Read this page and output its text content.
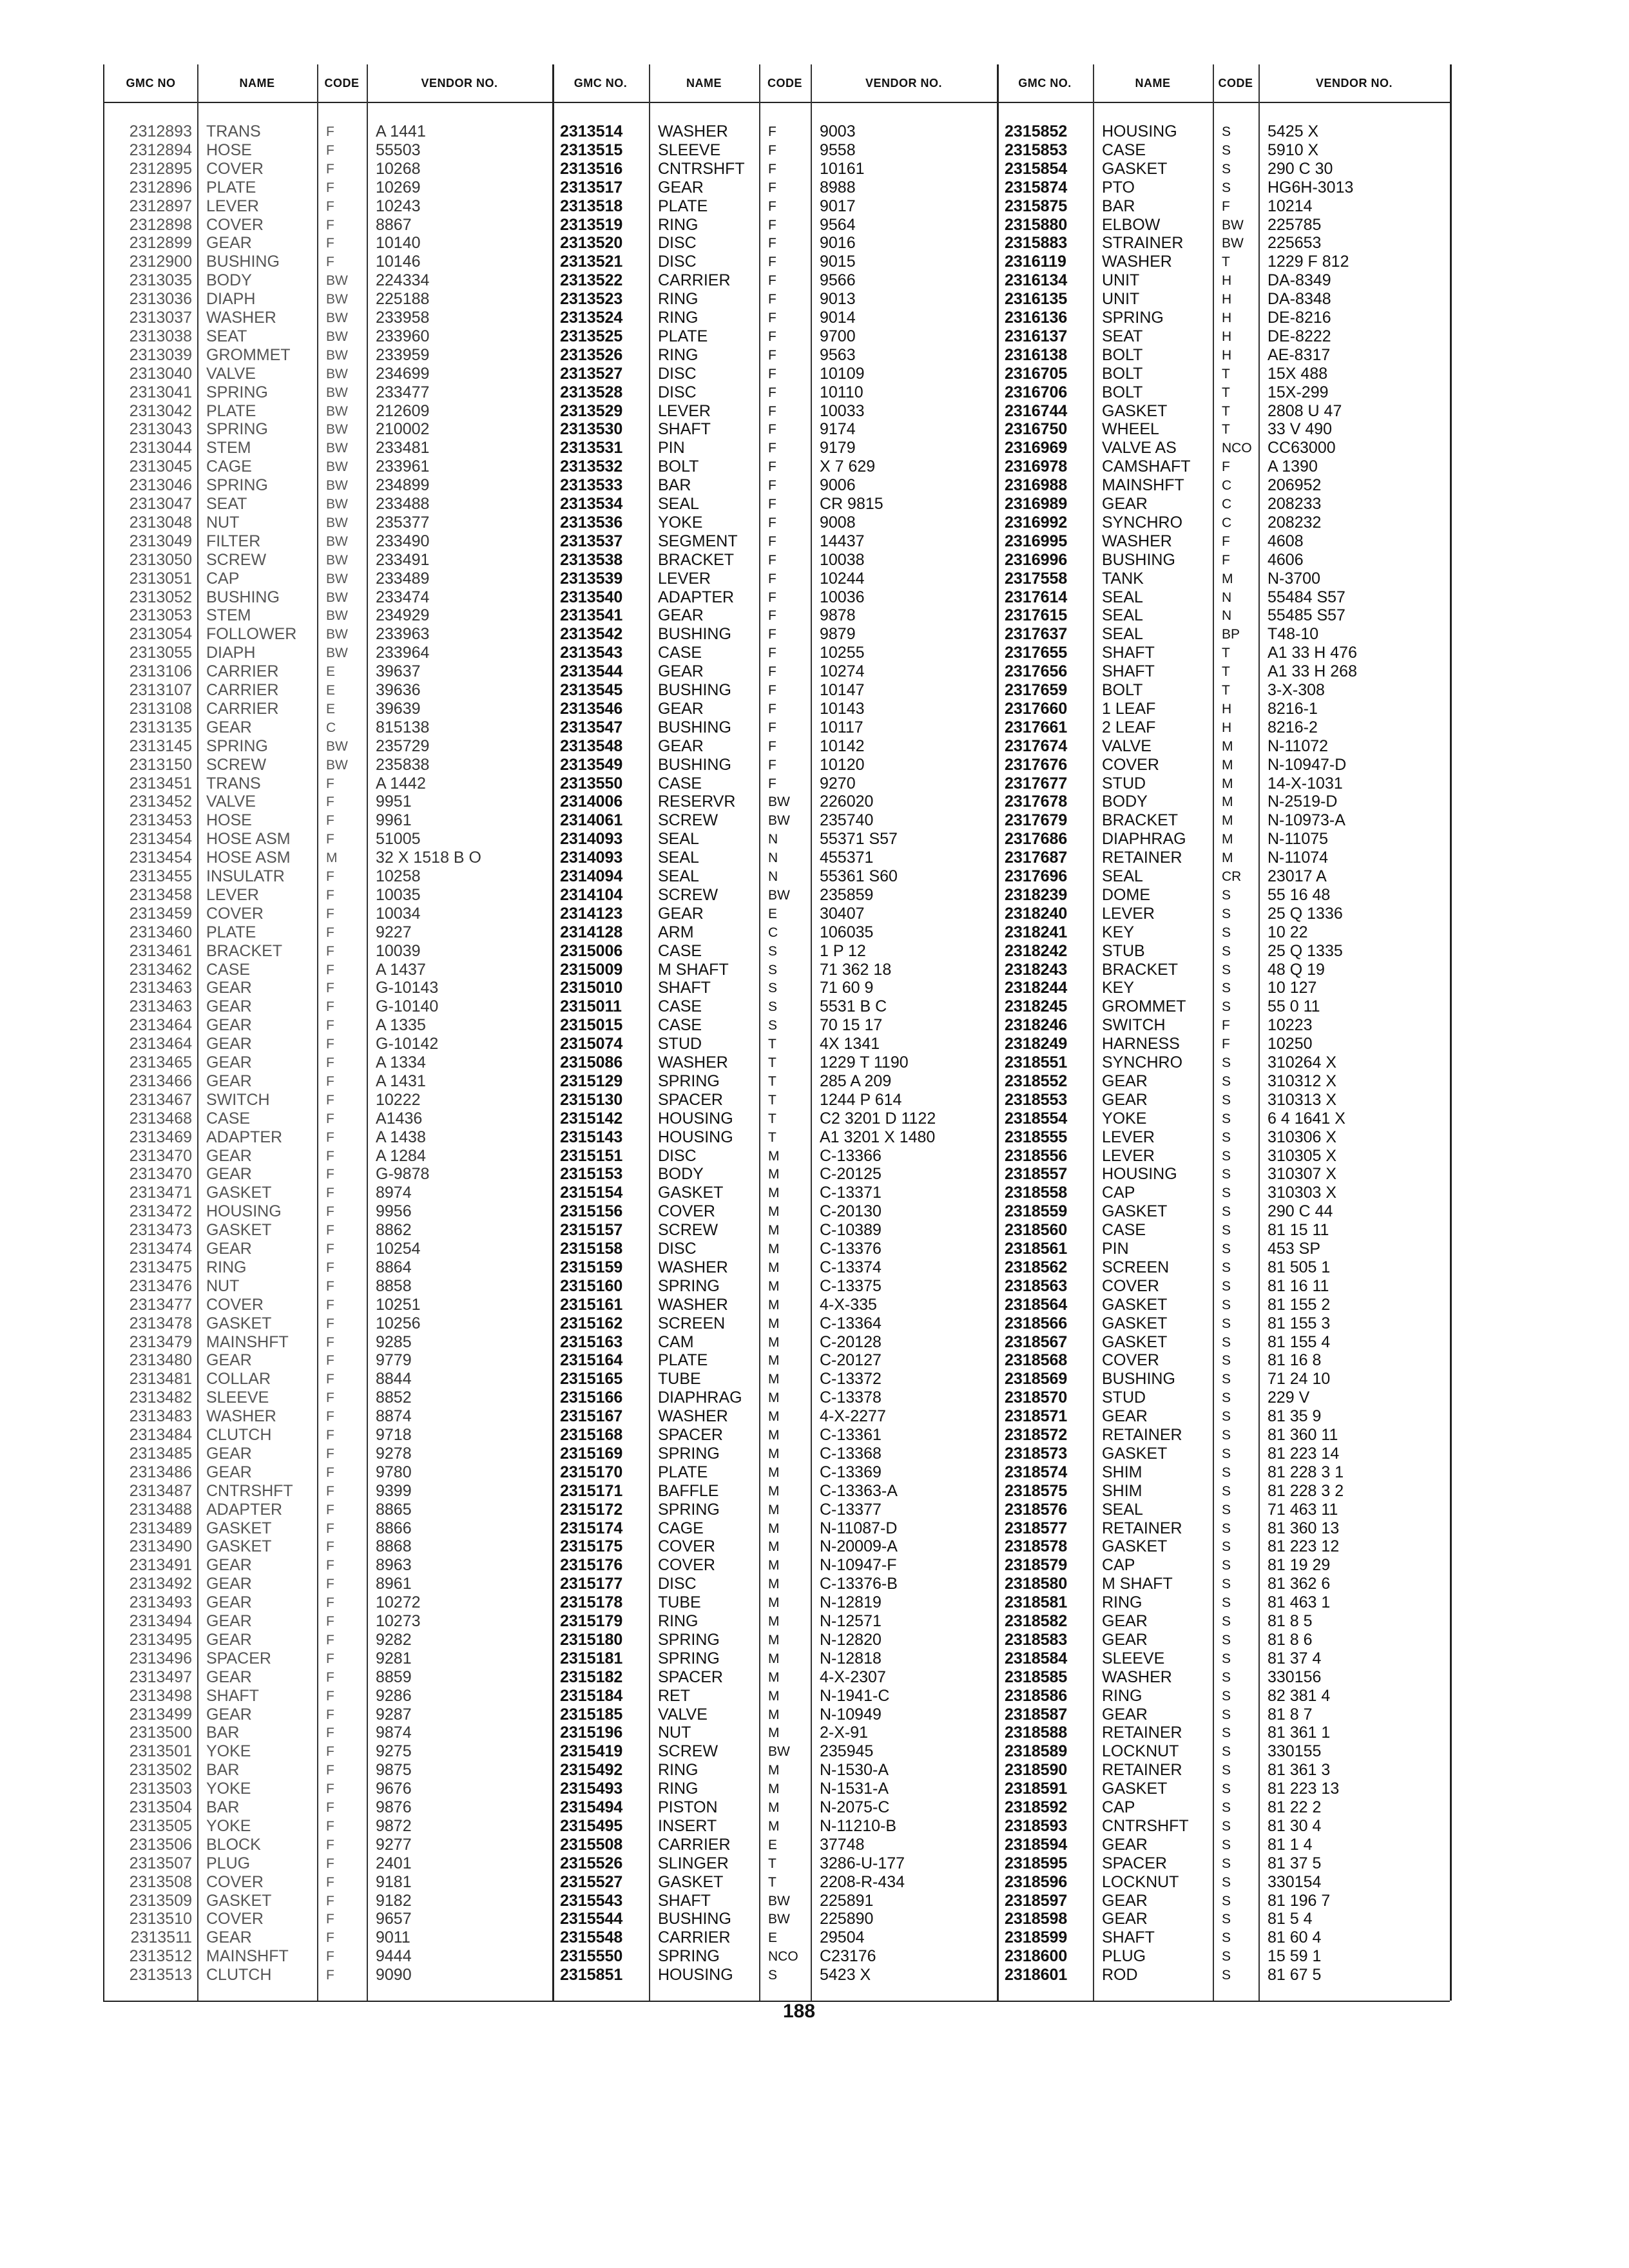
GMC NO	NAME	CODE	VENDOR NO.	GMC NO.	NAME	CODE	VENDOR NO.	GMC NO.	NAME	CODE	VENDOR NO.
2312893 TRANS	F	A 1441
2312894 HOSE	F	55503
2312895 COVER	F	10268
2312896 PLATE	F	10269
2312897 LEVER	F	10243
2312898 COVER	F	8867
2312899 GEAR	F	10140
2312900 BUSHING	F	10146
2313035 BODY	BW	224334
2313036 DIAPH	BW	225188
2313037 WASHER	BW	233958
2313038 SEAT	BW	233960
2313039 GROMMET	BW	233959
2313040 VALVE	BW	234699
2313041 SPRING	BW	233477
2313042 PLATE	BW	212609
2313043 SPRING	BW	210002
2313044 STEM	BW	233481
2313045 CAGE	BW	233961
2313046 SPRING	BW	234899
2313047 SEAT	BW	233488
2313048 NUT	BW	235377
2313049 FILTER	BW	233490
2313050 SCREW	BW	233491
2313051 CAP	BW	233489
2313052 BUSHING	BW	233474
2313053 STEM	BW	234929
2313054 FOLLOWER	BW	233963
2313055 DIAPH	BW	233964
2313106 CARRIER	E	39637
2313107 CARRIER	E	39636
2313108 CARRIER	E	39639
2313135 GEAR	C	815138
2313145 SPRING	BW	235729
2313150 SCREW	BW	235838
2313451 TRANS	F	A 1442
2313452 VALVE	F	9951
2313453 HOSE	F	9961
2313454 HOSE ASM	F	51005
2313454 HOSE ASM	M	32 X 1518 B O
2313455 INSULATR	F	10258
2313458 LEVER	F	10035
2313459 COVER	F	10034
2313460 PLATE	F	9227
2313461 BRACKET	F	10039
2313462 CASE	F	A 1437
2313463 GEAR	F	G-10143
2313463 GEAR	F	G-10140
2313464 GEAR	F	A 1335
2313464 GEAR	F	G-10142
2313465 GEAR	F	A 1334
2313466 GEAR	F	A 1431
2313467 SWITCH	F	10222
2313468 CASE	F	A1436
2313469 ADAPTER	F	A 1438
2313470 GEAR	F	A 1284
2313470 GEAR	F	G-9878
2313471 GASKET	F	8974
2313472 HOUSING	F	9956
2313473 GASKET	F	8862
2313474 GEAR	F	10254
2313475 RING	F	8864
2313476 NUT	F	8858
2313477 COVER	F	10251
2313478 GASKET	F	10256
2313479 MAINSHFT	F	9285
2313480 GEAR	F	9779
2313481 COLLAR	F	8844
2313482 SLEEVE	F	8852
2313483 WASHER	F	8874
2313484 CLUTCH	F	9718
2313485 GEAR	F	9278
2313486 GEAR	F	9780
2313487 CNTRSHFT	F	9399
2313488 ADAPTER	F	8865
2313489 GASKET	F	8866
2313490 GASKET	F	8868
2313491 GEAR	F	8963
2313492 GEAR	F	8961
2313493 GEAR	F	10272
2313494 GEAR	F	10273
2313495 GEAR	F	9282
2313496 SPACER	F	9281
2313497 GEAR	F	8859
2313498 SHAFT	F	9286
2313499 GEAR	F	9287
2313500 BAR	F	9874
2313501 YOKE	F	9275
2313502 BAR	F	9875
2313503 YOKE	F	9676
2313504 BAR	F	9876
2313505 YOKE	F	9872
2313506 BLOCK	F	9277
2313507 PLUG	F	2401
2313508 COVER	F	9181
2313509 GASKET	F	9182
2313510 COVER	F	9657
2313511 GEAR	F	9011
2313512 MAINSHFT	F	9444
2313513 CLUTCH	F	9090
2313514	WASHER	F	9003
2313515	SLEEVE	F	9558
2313516	CNTRSHFT	F	10161
2313517	GEAR	F	8988
2313518	PLATE	F	9017
2313519	RING	F	9564
2313520	DISC	F	9016
2313521	DISC	F	9015
2313522	CARRIER	F	9566
2313523	RING	F	9013
2313524	RING	F	9014
2313525	PLATE	F	9700
2313526	RING	F	9563
2313527	DISC	F	10109
2313528	DISC	F	10110
2313529	LEVER	F	10033
2313530	SHAFT	F	9174
2313531	PIN	F	9179
2313532	BOLT	F	X 7 629
2313533	BAR	F	9006
2313534	SEAL	F	CR 9815
2313536	YOKE	F	9008
2313537	SEGMENT	F	14437
2313538	BRACKET	F	10038
2313539	LEVER	F	10244
2313540	ADAPTER	F	10036
2313541	GEAR	F	9878
2313542	BUSHING	F	9879
2313543	CASE	F	10255
2313544	GEAR	F	10274
2313545	BUSHING	F	10147
2313546	GEAR	F	10143
2313547	BUSHING	F	10117
2313548	GEAR	F	10142
2313549	BUSHING	F	10120
2313550	CASE	F	9270
2314006	RESERVR	BW	226020
2314061	SCREW	BW	235740
2314093	SEAL	N	55371 S57
2314093	SEAL	N	455371
2314094	SEAL	N	55361 S60
2314104	SCREW	BW	235859
2314123	GEAR	E	30407
2314128	ARM	C	106035
2315006	CASE	S	1 P 12
2315009	M SHAFT	S	71 362 18
2315010	SHAFT	S	71 60 9
2315011	CASE	S	5531 B C
2315015	CASE	S	70 15 17
2315074	STUD	T	4X 1341
2315086	WASHER	T	1229 T 1190
2315129	SPRING	T	285 A 209
2315130	SPACER	T	1244 P 614
2315142	HOUSING	T	C2 3201 D 1122
2315143	HOUSING	T	A1 3201 X 1480
2315151	DISC	M	C-13366
2315153	BODY	M	C-20125
2315154	GASKET	M	C-13371
2315156	COVER	M	C-20130
2315157	SCREW	M	C-10389
2315158	DISC	M	C-13376
2315159	WASHER	M	C-13374
2315160	SPRING	M	C-13375
2315161	WASHER	M	4-X-335
2315162	SCREEN	M	C-13364
2315163	CAM	M	C-20128
2315164	PLATE	M	C-20127
2315165	TUBE	M	C-13372
2315166	DIAPHRAG	M	C-13378
2315167	WASHER	M	4-X-2277
2315168	SPACER	M	C-13361
2315169	SPRING	M	C-13368
2315170	PLATE	M	C-13369
2315171	BAFFLE	M	C-13363-A
2315172	SPRING	M	C-13377
2315174	CAGE	M	N-11087-D
2315175	COVER	M	N-20009-A
2315176	COVER	M	N-10947-F
2315177	DISC	M	C-13376-B
2315178	TUBE	M	N-12819
2315179	RING	M	N-12571
2315180	SPRING	M	N-12820
2315181	SPRING	M	N-12818
2315182	SPACER	M	4-X-2307
2315184	RET	M	N-1941-C
2315185	VALVE	M	N-10949
2315196	NUT	M	2-X-91
2315419	SCREW	BW	235945
2315492	RING	M	N-1530-A
2315493	RING	M	N-1531-A
2315494	PISTON	M	N-2075-C
2315495	INSERT	M	N-11210-B
2315508	CARRIER	E	37748
2315526	SLINGER	T	3286-U-177
2315527	GASKET	T	2208-R-434
2315543	SHAFT	BW	225891
2315544	BUSHING	BW	225890
2315548	CARRIER	E	29504
2315550	SPRING	NCO	C23176
2315851	HOUSING	S	5423 X
2315852	HOUSING	S	5425 X
2315853	CASE	S	5910 X
2315854	GASKET	S	290 C 30
2315874	PTO	S	HG6H-3013
2315875	BAR	F	10214
2315880	ELBOW	BW	225785
2315883	STRAINER	BW	225653
2316119	WASHER	T	1229 F 812
2316134	UNIT	H	DA-8349
2316135	UNIT	H	DA-8348
2316136	SPRING	H	DE-8216
2316137	SEAT	H	DE-8222
2316138	BOLT	H	AE-8317
2316705	BOLT	T	15X 488
2316706	BOLT	T	15X-299
2316744	GASKET	T	2808 U 47
2316750	WHEEL	T	33 V 490
2316969	VALVE AS	NCO CC63000
2316978	CAMSHAFT	F	A 1390
2316988	MAINSHFT	C	206952
2316989	GEAR	C	208233
2316992	SYNCHRO	C	208232
2316995	WASHER	F	4608
2316996	BUSHING	F	4606
2317558	TANK	M	N-3700
2317614	SEAL	N	55484 S57
2317615	SEAL	N	55485 S57
2317637	SEAL	BP	T48-10
2317655	SHAFT	T	A1 33 H 476
2317656	SHAFT	T	A1 33 H 268
2317659	BOLT	T	3-X-308
2317660	1 LEAF	H	8216-1
2317661	2 LEAF	H	8216-2
2317674	VALVE	M	N-11072
2317676	COVER	M	N-10947-D
2317677	STUD	M	14-X-1031
2317678	BODY	M	N-2519-D
2317679	BRACKET	M	N-10973-A
2317686	DIAPHRAG	M	N-11075
2317687	RETAINER	M	N-11074
2317696	SEAL	CR	23017 A
2318239	DOME	S	55 16 48
2318240	LEVER	S	25 Q 1336
2318241	KEY	S	10 22
2318242	STUB	S	25 Q 1335
2318243	BRACKET	S	48 Q 19
2318244	KEY	S	10 127
2318245	GROMMET	S	55 0 11
2318246	SWITCH	F	10223
2318249	HARNESS	F	10250
2318551	SYNCHRO	S	310264 X
2318552	GEAR	S	310312 X
2318553	GEAR	S	310313 X
2318554	YOKE	S	6 4 1641 X
2318555	LEVER	S	310306 X
2318556	LEVER	S	310305 X
2318557	HOUSING	S	310307 X
2318558	CAP	S	310303 X
2318559	GASKET	S	290 C 44
2318560	CASE	S	81 15 11
2318561	PIN	S	453 SP
2318562	SCREEN	S	81 505 1
2318563	COVER	S	81 16 11
2318564	GASKET	S	81 155 2
2318566	GASKET	S	81 155 3
2318567	GASKET	S	81 155 4
2318568	COVER	S	81 16 8
2318569	BUSHING	S	71 24 10
2318570	STUD	S	229 V
2318571	GEAR	S	81 35 9
2318572	RETAINER	S	81 360 11
2318573	GASKET	S	81 223 14
2318574	SHIM	S	81 228 3 1
2318575	SHIM	S	81 228 3 2
2318576	SEAL	S	71 463 11
2318577	RETAINER	S	81 360 13
2318578	GASKET	S	81 223 12
2318579	CAP	S	81 19 29
2318580	M SHAFT	S	81 362 6
2318581	RING	S	81 463 1
2318582	GEAR	S	81 8 5
2318583	GEAR	S	81 8 6
2318584	SLEEVE	S	81 37 4
2318585	WASHER	S	330156
2318586	RING	S	82 381 4
2318587	GEAR	S	81 8 7
2318588	RETAINER	S	81 361 1
2318589	LOCKNUT	S	330155
2318590	RETAINER	S	81 361 3
2318591	GASKET	S	81 223 13
2318592	CAP	S	81 22 2
2318593	CNTRSHFT	S	81 30 4
2318594	GEAR	S	81 1 4
2318595	SPACER	S	81 37 5
2318596	LOCKNUT	S	330154
2318597	GEAR	S	81 196 7
2318598	GEAR	S	81 5 4
2318599	SHAFT	S	81 60 4
2318600	PLUG	S	15 59 1
2318601	ROD	S	81 67 5
188
